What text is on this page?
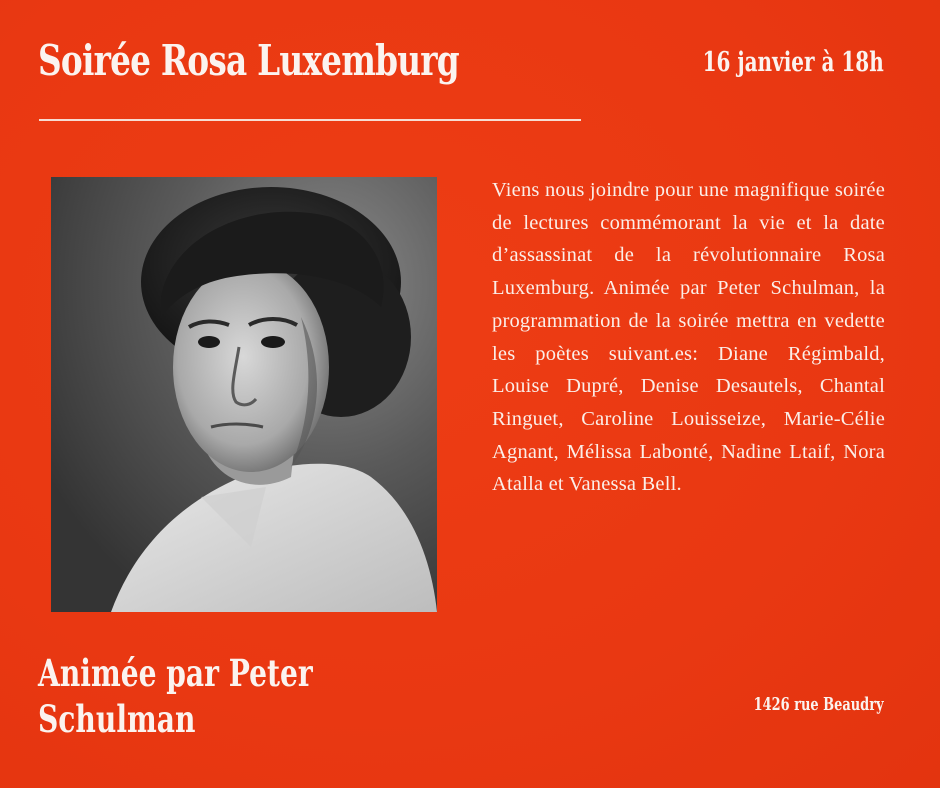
Soirée Rosa Luxemburg	16 janvier à 18h
Viens nous joindre pour une magnifique soirée de lectures commémorant la vie et la date d’assassinat de la révolutionnaire Rosa Luxemburg. Animée par Peter Schulman, la programmation de la soirée mettra en vedette les poètes suivant.es: Diane Régimbald, Louise Dupré, Denise Desautels, Chantal Ringuet, Caroline Louisseize, Marie-Célie Agnant, Mélissa Labonté, Nadine Ltaif, Nora Atalla et Vanessa Bell.
Animée par Peter
Schulman	1426 rue Beaudry
